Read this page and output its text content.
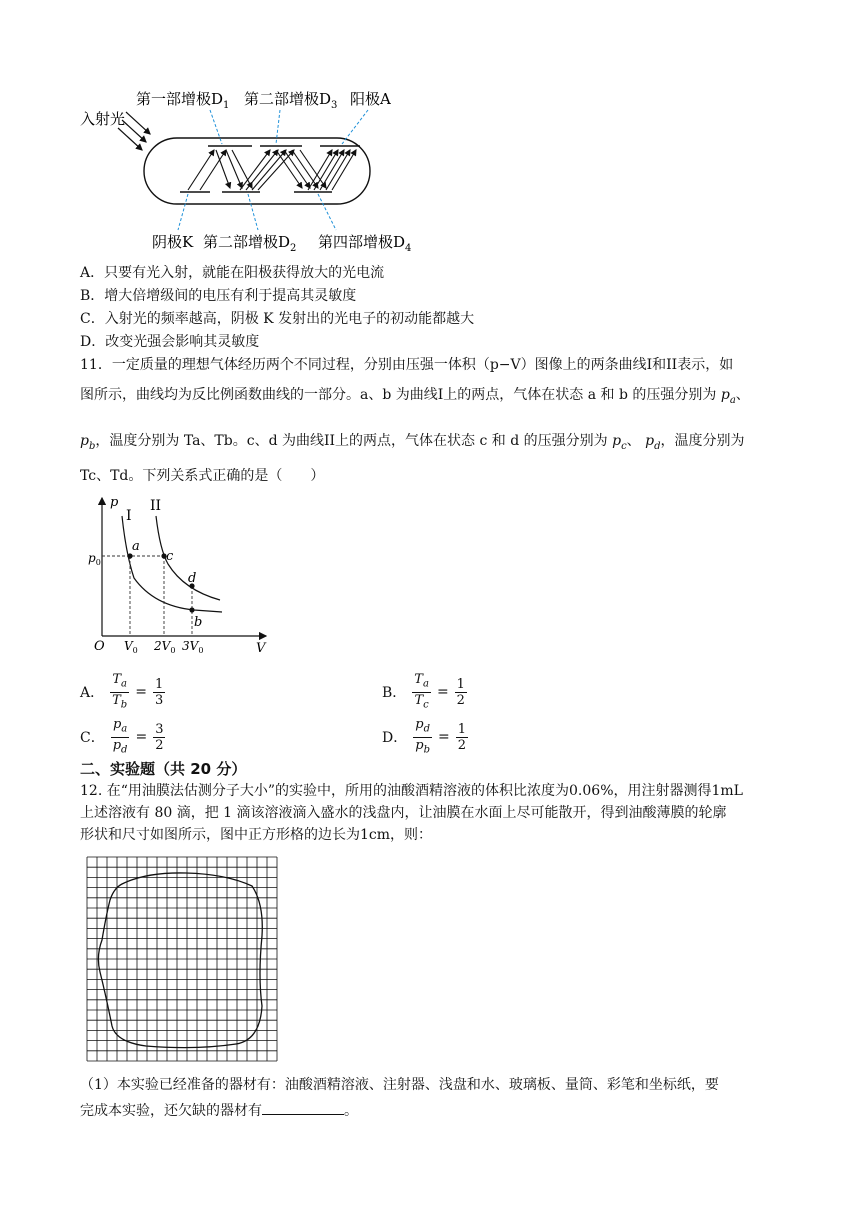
入射光
第一部增极$D_1$ 第二部增极$D_3$ 阳极A
阴极K 第二部增极$D_2$ 第四部增极$D_4$
A．只要有光入射，就能在阳极获得放大的光电流
B．增大倍增级间的电压有利于提高其灵敏度
C．入射光的频率越高，阴极 K 发射出的光电子的初动能都越大
D．改变光强会影响其灵敏度
11．一定质量的理想气体经历两个不同过程，分别由压强一体积（p−V）图像上的两条曲线I和II表示，如
图所示，曲线均为反比例函数曲线的一部分。a、b 为曲线I上的两点，气体在状态 a 和 b 的压强分别为 $p_a$、
$p_b$，温度分别为 Ta、Tb。c、d 为曲线II上的两点，气体在状态 c 和 d 的压强分别为 $p_c$、 $p_d$，温度分别为
Tc、Td。下列关系式正确的是（　　）
p
V
O
I
II
$p_0$
$V_0$ $2V_0$ $3V_0$
a
c
d
b
A． $\frac{T_a}{T_b} = \frac{1}{3}$	B． $\frac{T_a}{T_c} = \frac{1}{2}$
C． $\frac{p_a}{p_d} = \frac{3}{2}$	D． $\frac{p_d}{p_b} = \frac{1}{2}$
二、实验题（共 20 分）
12. 在“用油膜法估测分子大小”的实验中，所用的油酸酒精溶液的体积比浓度为0.06%，用注射器测得1mL
上述溶液有 80 滴，把 1 滴该溶液滴入盛水的浅盘内，让油膜在水面上尽可能散开，得到油酸薄膜的轮廓
形状和尺寸如图所示，图中正方形格的边长为1cm，则：
（1）本实验已经准备的器材有：油酸酒精溶液、注射器、浅盘和水、玻璃板、量筒、彩笔和坐标纸，要
完成本实验，还欠缺的器材有	。
